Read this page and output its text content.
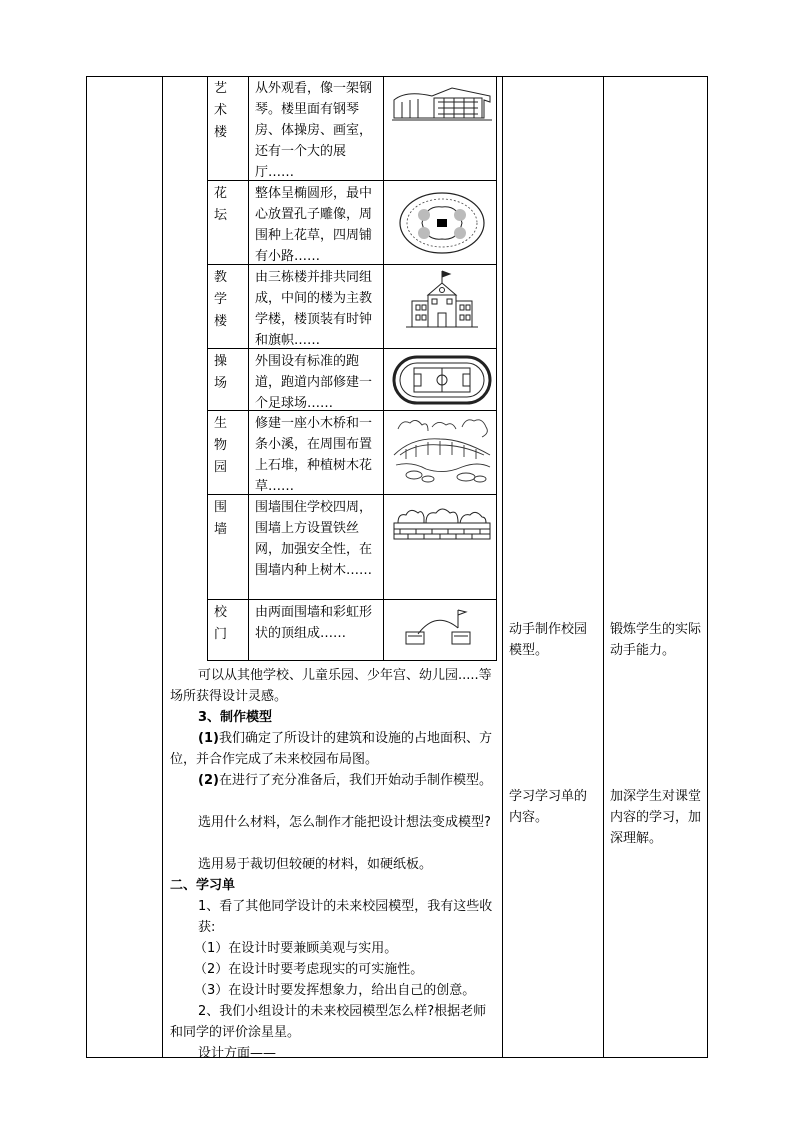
艺术楼
从外观看，像一架钢琴。楼里面有钢琴房、体操房、画室，还有一个大的展厅……
花坛
整体呈椭圆形，最中心放置孔子雕像，周围种上花草，四周铺有小路……
教学楼
由三栋楼并排共同组成，中间的楼为主教学楼，楼顶装有时钟和旗帜……
操场
外围设有标准的跑道，跑道内部修建一个足球场……
生物园
修建一座小木桥和一条小溪，在周围布置上石堆，种植树木花草……
围墙
围墙围住学校四周，围墙上方设置铁丝网，加强安全性，在围墙内种上树木……
校门
由两面围墙和彩虹形状的顶组成……
可以从其他学校、儿童乐园、少年宫、幼儿园.....等场所获得设计灵感。
3、制作模型
(1)我们确定了所设计的建筑和设施的占地面积、方位，并合作完成了未来校园布局图。
(2)在进行了充分准备后，我们开始动手制作模型。
选用什么材料，怎么制作才能把设计想法变成模型?
选用易于裁切但较硬的材料，如硬纸板。
二、学习单
1、看了其他同学设计的未来校园模型，我有这些收获:
（1）在设计时要兼顾美观与实用。
（2）在设计时要考虑现实的可实施性。
（3）在设计时要发挥想象力，给出自己的创意。
2、我们小组设计的未来校园模型怎么样?根据老师和同学的评价涂星星。
设计方面——
动手制作校园模型。
学习学习单的内容。
锻炼学生的实际动手能力。
加深学生对课堂内容的学习，加深理解。
